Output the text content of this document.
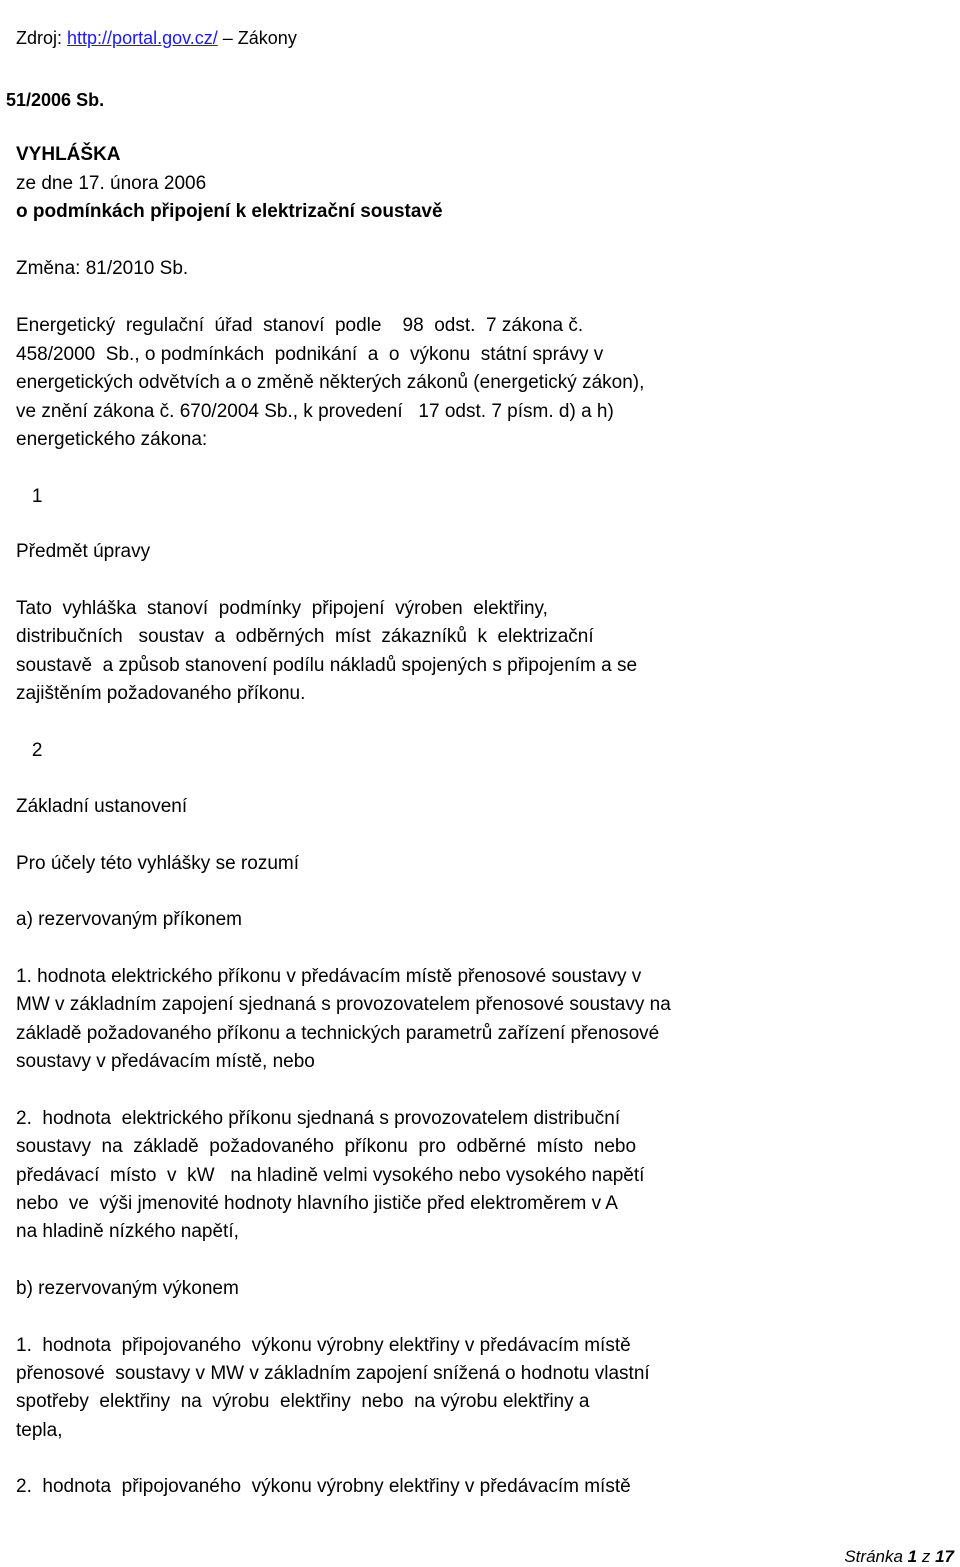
Zdroj: http://portal.gov.cz/ – Zákony

51/2006 Sb.
VYHLÁŠKA
ze dne 17. února 2006
o podmínkách připojení k elektrizační soustavě
Změna: 81/2010 Sb.
Energetický  regulační  úřad  stanoví  podle    98  odst.  7 zákona č.
458/2000  Sb., o podmínkách  podnikání  a  o  výkonu  státní správy v
energetických odvětvích a o změně některých zákonů (energetický zákon),
ve znění zákona č. 670/2004 Sb., k provedení   17 odst. 7 písm. d) a h)
energetického zákona:
1
Předmět úpravy
Tato  vyhláška  stanoví  podmínky  připojení  výroben  elektřiny,
distribučních   soustav  a  odběrných  míst  zákazníků  k  elektrizační
soustavě  a způsob stanovení podílu nákladů spojených s připojením a se
zajištěním požadovaného příkonu.
2
Základní ustanovení
Pro účely této vyhlášky se rozumí
a) rezervovaným příkonem
1. hodnota elektrického příkonu v předávacím místě přenosové soustavy v
MW v základním zapojení sjednaná s provozovatelem přenosové soustavy na
základě požadovaného příkonu a technických parametrů zařízení přenosové
soustavy v předávacím místě, nebo
2.  hodnota  elektrického příkonu sjednaná s provozovatelem distribuční
soustavy  na  základě  požadovaného  příkonu  pro  odběrné  místo  nebo
předávací  místo  v  kW   na hladině velmi vysokého nebo vysokého napětí
nebo  ve  výši jmenovité hodnoty hlavního jističe před elektroměrem v A
na hladině nízkého napětí,
b) rezervovaným výkonem
1.  hodnota  připojovaného  výkonu výrobny elektřiny v předávacím místě
přenosové  soustavy v MW v základním zapojení snížená o hodnotu vlastní
spotřeby  elektřiny  na  výrobu  elektřiny  nebo  na výrobu elektřiny a
tepla,
2.  hodnota  připojovaného  výkonu výrobny elektřiny v předávacím místě

Stránka 1 z 17
